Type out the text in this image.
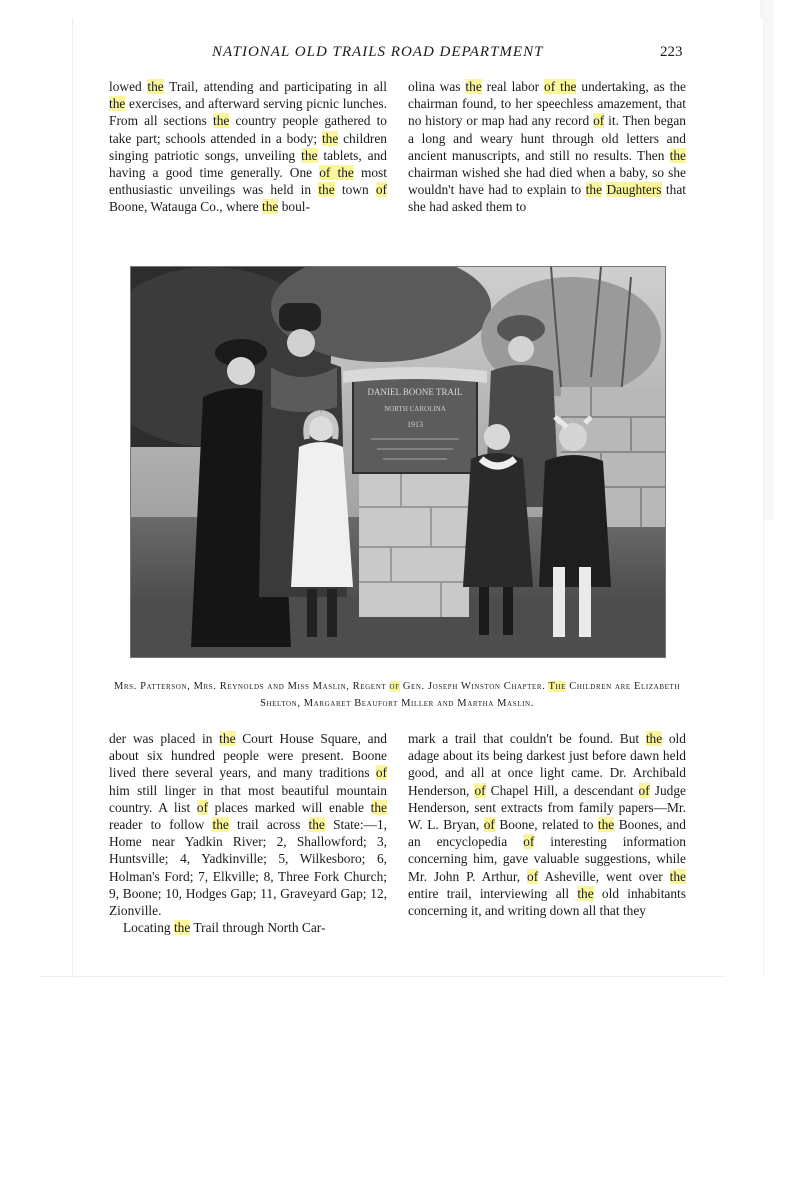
NATIONAL OLD TRAILS ROAD DEPARTMENT	223

lowed the Trail, attending and participating in all the exercises, and afterward serving picnic lunches. From all sections the country people gathered to take part; schools attended in a body; the children singing patriotic songs, unveiling the tablets, and having a good time generally. One of the most enthusiastic unveilings was held in the town of Boone, Watauga Co., where the boul-

olina was the real labor of the undertaking, as the chairman found, to her speechless amazement, that no history or map had any record of it. Then began a long and weary hunt through old letters and ancient manuscripts, and still no results. Then the chairman wished she had died when a baby, so she wouldn't have had to explain to the Daughters that she had asked them to

DANIEL BOONE TRAIL
NORTH CAROLINA
1913

Mrs. Patterson, Mrs. Reynolds and Miss Maslin, Regent of Gen. Joseph Winston Chapter. The Children are Elizabeth Shelton, Margaret Beaufort Miller and Martha Maslin.

der was placed in the Court House Square, and about six hundred people were present. Boone lived there several years, and many traditions of him still linger in that most beautiful mountain country. A list of places marked will enable the reader to follow the trail across the State:—1, Home near Yadkin River; 2, Shallowford; 3, Huntsville; 4, Yadkinville; 5, Wilkesboro; 6, Holman's Ford; 7, Elkville; 8, Three Fork Church; 9, Boone; 10, Hodges Gap; 11, Graveyard Gap; 12, Zionville.

Locating the Trail through North Car-

mark a trail that couldn't be found. But the old adage about its being darkest just before dawn held good, and all at once light came. Dr. Archibald Henderson, of Chapel Hill, a descendant of Judge Henderson, sent extracts from family papers—Mr. W. L. Bryan, of Boone, related to the Boones, and an encyclopedia of interesting information concerning him, gave valuable suggestions, while Mr. John P. Arthur, of Asheville, went over the entire trail, interviewing all the old inhabitants concerning it, and writing down all that they
